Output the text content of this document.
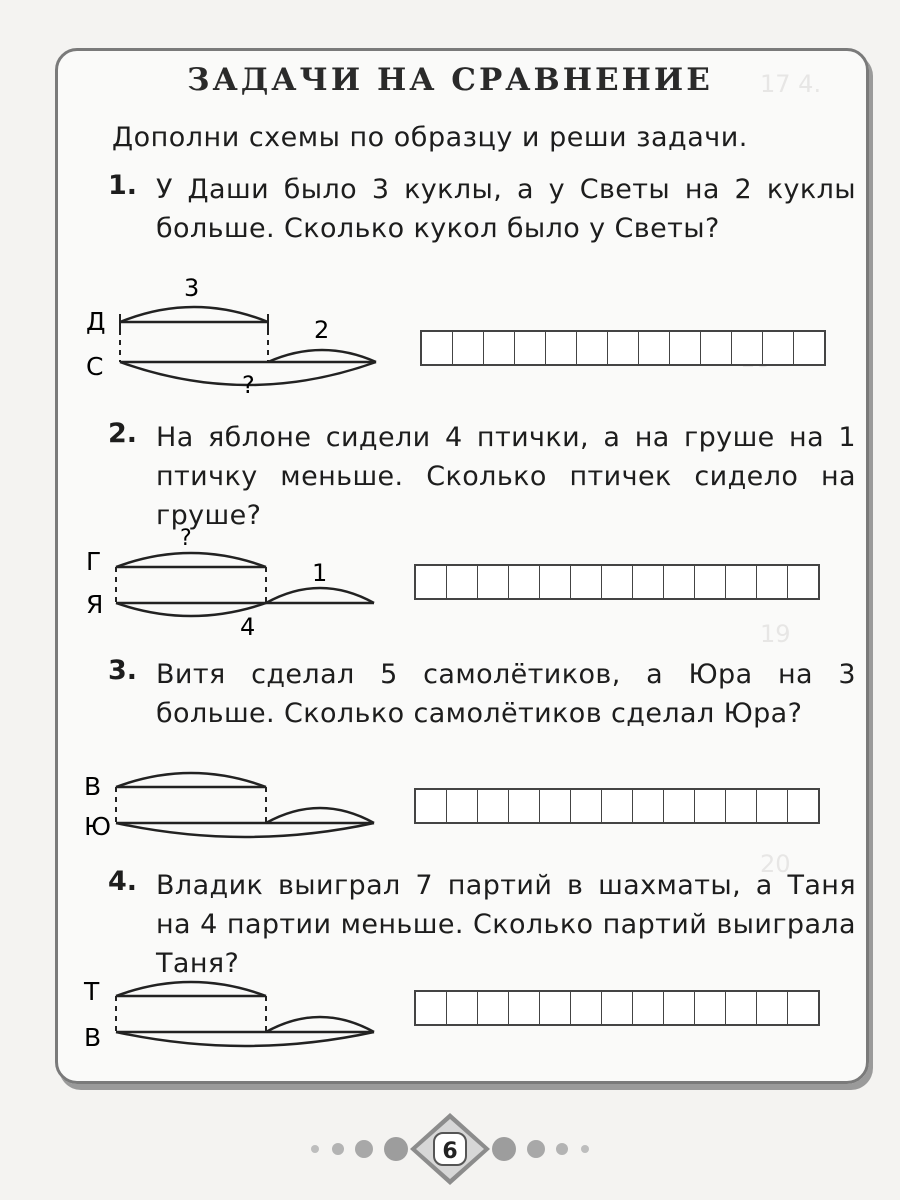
ЗАДАЧИ НА СРАВНЕНИЕ
Дополни схемы по образцу и реши задачи.
1. У Даши было 3 куклы, а у Светы на 2 куклы больше. Сколько кукол было у Светы?
Д
С
3
2
?
2. На яблоне сидели 4 птички, а на груше на 1 птичку меньше. Сколько птичек сидело на груше?
Г
Я
?
1
4
3. Витя сделал 5 самолётиков, а Юра на 3 больше. Сколько самолётиков сделал Юра?
В
Ю
4. Владик выиграл 7 партий в шахматы, а Таня на 4 партии меньше. Сколько партий выиграла Таня?
Т
В
6
